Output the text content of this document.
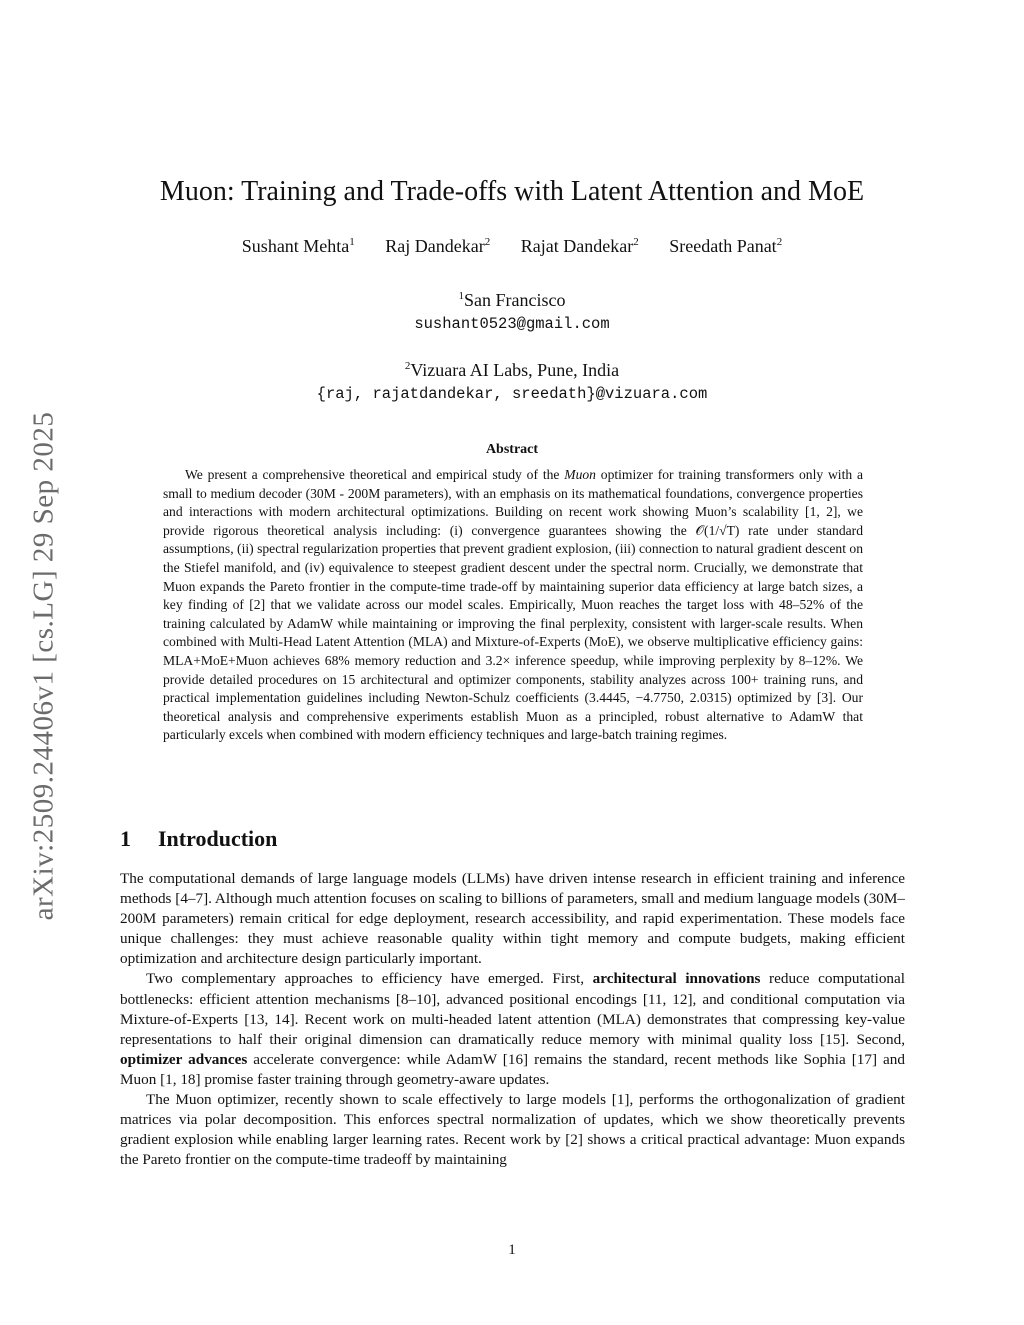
arXiv:2509.24406v1 [cs.LG] 29 Sep 2025
Muon: Training and Trade-offs with Latent Attention and MoE
Sushant Mehta$^1$ Raj Dandekar$^2$ Rajat Dandekar$^2$ Sreedath Panat$^2$
$^1$San Francisco
sushant0523@gmail.com
$^2$Vizuara AI Labs, Pune, India
{raj, rajatdandekar, sreedath}@vizuara.com
Abstract

We present a comprehensive theoretical and empirical study of the Muon optimizer for training transformers only with a small to medium decoder (30M - 200M parameters), with an emphasis on its mathematical foundations, convergence properties and interactions with modern architectural optimizations. Building on recent work showing Muon’s scalability [1, 2], we provide rigorous theoretical analysis including: (i) convergence guarantees showing the 𝒪(1/√T) rate under standard assumptions, (ii) spectral regularization properties that prevent gradient explosion, (iii) connection to natural gradient descent on the Stiefel manifold, and (iv) equivalence to steepest gradient descent under the spectral norm. Crucially, we demonstrate that Muon expands the Pareto frontier in the compute-time trade-off by maintaining superior data efficiency at large batch sizes, a key finding of [2] that we validate across our model scales. Empirically, Muon reaches the target loss with 48–52% of the training calculated by AdamW while maintaining or improving the final perplexity, consistent with larger-scale results. When combined with Multi-Head Latent Attention (MLA) and Mixture-of-Experts (MoE), we observe multiplicative efficiency gains: MLA+MoE+Muon achieves 68% memory reduction and 3.2× inference speedup, while improving perplexity by 8–12%. We provide detailed procedures on 15 architectural and optimizer components, stability analyzes across 100+ training runs, and practical implementation guidelines including Newton-Schulz coefficients (3.4445, −4.7750, 2.0315) optimized by [3]. Our theoretical analysis and comprehensive experiments establish Muon as a principled, robust alternative to AdamW that particularly excels when combined with modern efficiency techniques and large-batch training regimes.

1 Introduction

The computational demands of large language models (LLMs) have driven intense research in efficient training and inference methods [4–7]. Although much attention focuses on scaling to billions of parameters, small and medium language models (30M–200M parameters) remain critical for edge deployment, research accessibility, and rapid experimentation. These models face unique challenges: they must achieve reasonable quality within tight memory and compute budgets, making efficient optimization and architecture design particularly important.

Two complementary approaches to efficiency have emerged. First, architectural innovations reduce computational bottlenecks: efficient attention mechanisms [8–10], advanced positional encodings [11, 12], and conditional computation via Mixture-of-Experts [13, 14]. Recent work on multi-headed latent attention (MLA) demonstrates that compressing key-value representations to half their original dimension can dramatically reduce memory with minimal quality loss [15]. Second, optimizer advances accelerate convergence: while AdamW [16] remains the standard, recent methods like Sophia [17] and Muon [1, 18] promise faster training through geometry-aware updates.

The Muon optimizer, recently shown to scale effectively to large models [1], performs the orthogonalization of gradient matrices via polar decomposition. This enforces spectral normalization of updates, which we show theoretically prevents gradient explosion while enabling larger learning rates. Recent work by [2] shows a critical practical advantage: Muon expands the Pareto frontier on the compute-time tradeoff by maintaining

1
